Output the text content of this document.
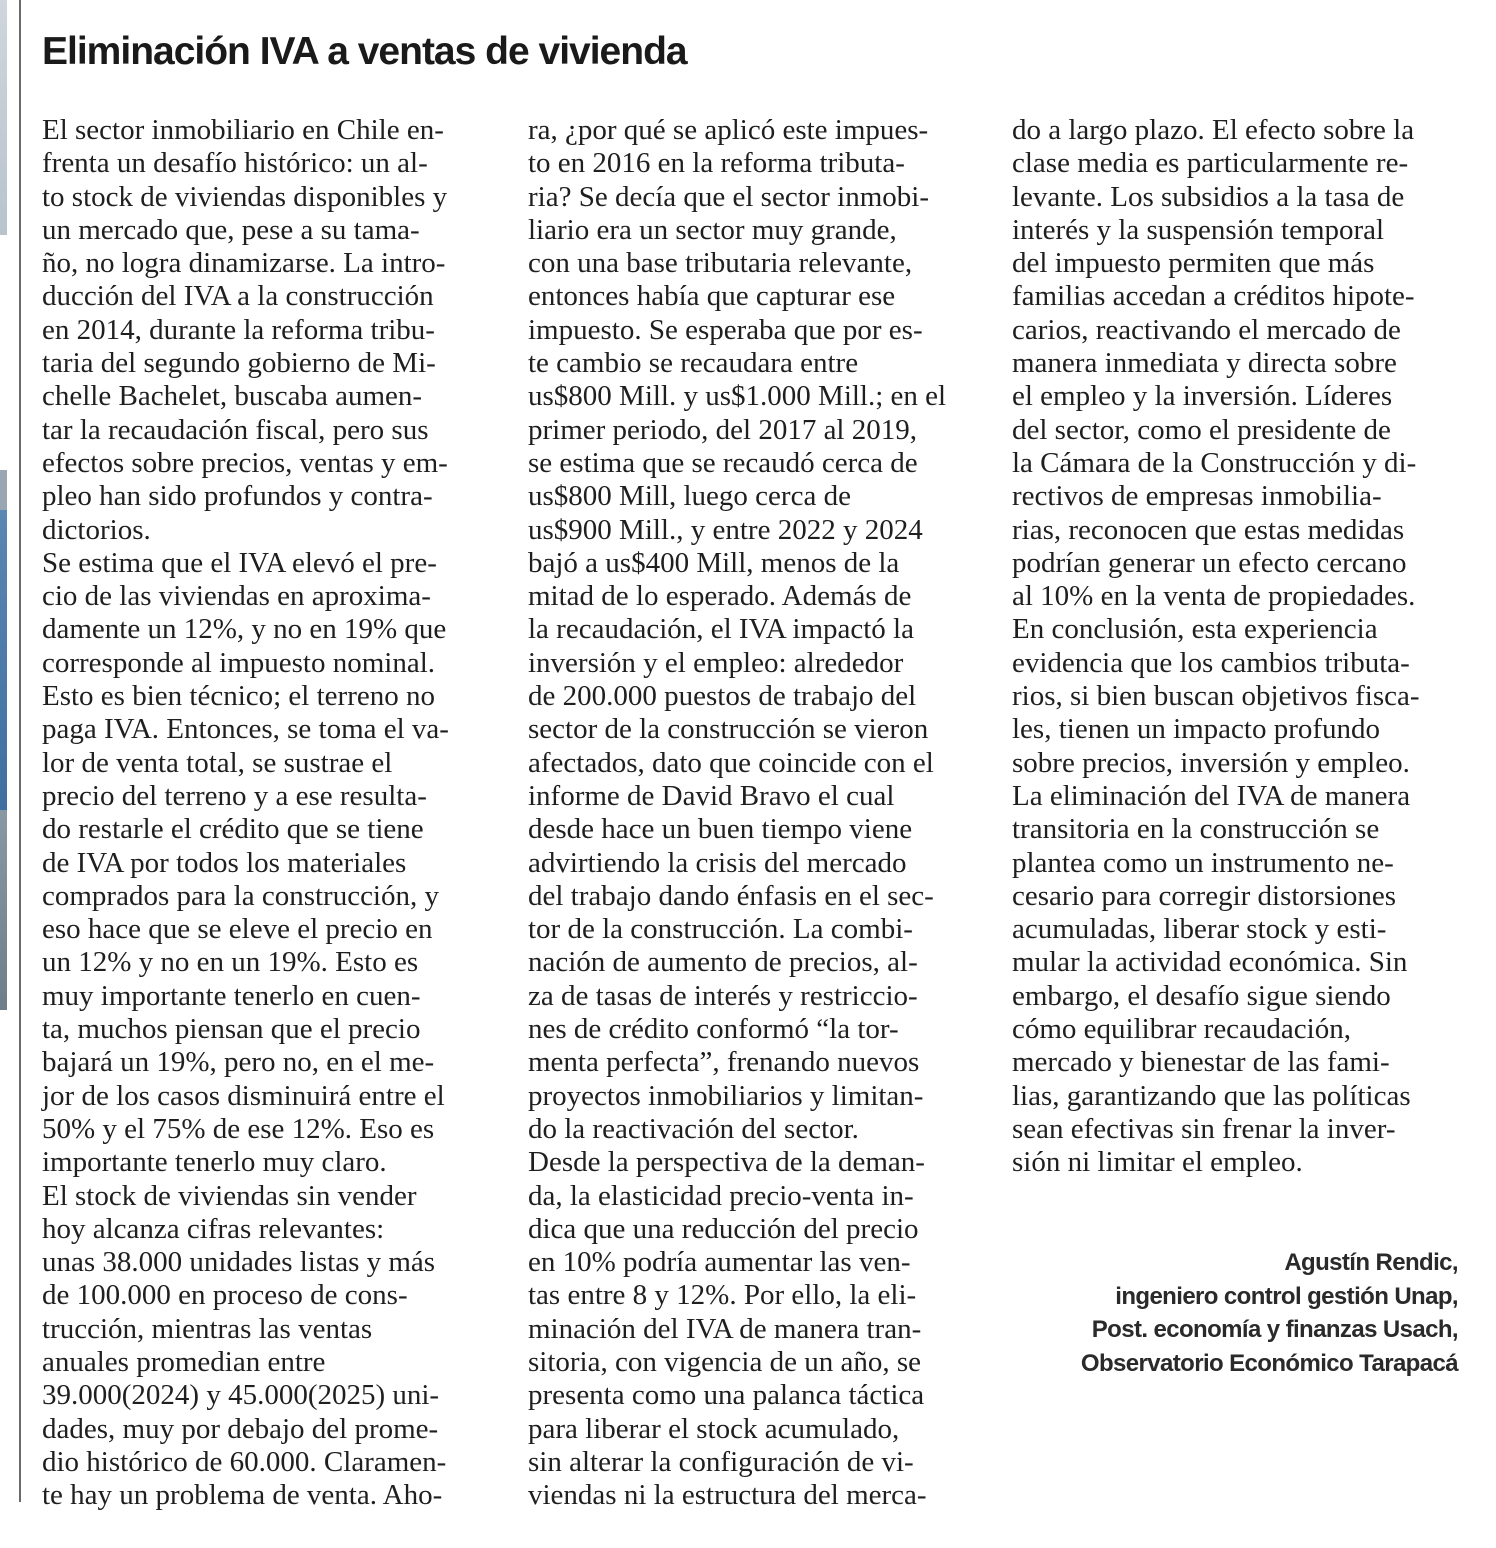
Eliminación IVA a ventas de vivienda
El sector inmobiliario en Chile en-
frenta un desafío histórico: un al-
to stock de viviendas disponibles y
un mercado que, pese a su tama-
ño, no logra dinamizarse. La intro-
ducción del IVA a la construcción
en 2014, durante la reforma tribu-
taria del segundo gobierno de Mi-
chelle Bachelet, buscaba aumen-
tar la recaudación fiscal, pero sus
efectos sobre precios, ventas y em-
pleo han sido profundos y contra-
dictorios.
Se estima que el IVA elevó el pre-
cio de las viviendas en aproxima-
damente un 12%, y no en 19% que
corresponde al impuesto nominal.
Esto es bien técnico; el terreno no
paga IVA. Entonces, se toma el va-
lor de venta total, se sustrae el
precio del terreno y a ese resulta-
do restarle el crédito que se tiene
de IVA por todos los materiales
comprados para la construcción, y
eso hace que se eleve el precio en
un 12% y no en un 19%. Esto es
muy importante tenerlo en cuen-
ta, muchos piensan que el precio
bajará un 19%, pero no, en el me-
jor de los casos disminuirá entre el
50% y el 75% de ese 12%. Eso es
importante tenerlo muy claro.
El stock de viviendas sin vender
hoy alcanza cifras relevantes:
unas 38.000 unidades listas y más
de 100.000 en proceso de cons-
trucción, mientras las ventas
anuales promedian entre
39.000(2024) y 45.000(2025) uni-
dades, muy por debajo del prome-
dio histórico de 60.000. Claramen-
te hay un problema de venta. Aho-
ra, ¿por qué se aplicó este impues-
to en 2016 en la reforma tributa-
ria? Se decía que el sector inmobi-
liario era un sector muy grande,
con una base tributaria relevante,
entonces había que capturar ese
impuesto. Se esperaba que por es-
te cambio se recaudara entre
us$800 Mill. y us$1.000 Mill.; en el
primer periodo, del 2017 al 2019,
se estima que se recaudó cerca de
us$800 Mill, luego cerca de
us$900 Mill., y entre 2022 y 2024
bajó a us$400 Mill, menos de la
mitad de lo esperado. Además de
la recaudación, el IVA impactó la
inversión y el empleo: alrededor
de 200.000 puestos de trabajo del
sector de la construcción se vieron
afectados, dato que coincide con el
informe de David Bravo el cual
desde hace un buen tiempo viene
advirtiendo la crisis del mercado
del trabajo dando énfasis en el sec-
tor de la construcción. La combi-
nación de aumento de precios, al-
za de tasas de interés y restriccio-
nes de crédito conformó “la tor-
menta perfecta”, frenando nuevos
proyectos inmobiliarios y limitan-
do la reactivación del sector.
Desde la perspectiva de la deman-
da, la elasticidad precio-venta in-
dica que una reducción del precio
en 10% podría aumentar las ven-
tas entre 8 y 12%. Por ello, la eli-
minación del IVA de manera tran-
sitoria, con vigencia de un año, se
presenta como una palanca táctica
para liberar el stock acumulado,
sin alterar la configuración de vi-
viendas ni la estructura del merca-
do a largo plazo. El efecto sobre la
clase media es particularmente re-
levante. Los subsidios a la tasa de
interés y la suspensión temporal
del impuesto permiten que más
familias accedan a créditos hipote-
carios, reactivando el mercado de
manera inmediata y directa sobre
el empleo y la inversión. Líderes
del sector, como el presidente de
la Cámara de la Construcción y di-
rectivos de empresas inmobilia-
rias, reconocen que estas medidas
podrían generar un efecto cercano
al 10% en la venta de propiedades.
En conclusión, esta experiencia
evidencia que los cambios tributa-
rios, si bien buscan objetivos fisca-
les, tienen un impacto profundo
sobre precios, inversión y empleo.
La eliminación del IVA de manera
transitoria en la construcción se
plantea como un instrumento ne-
cesario para corregir distorsiones
acumuladas, liberar stock y esti-
mular la actividad económica. Sin
embargo, el desafío sigue siendo
cómo equilibrar recaudación,
mercado y bienestar de las fami-
lias, garantizando que las políticas
sean efectivas sin frenar la inver-
sión ni limitar el empleo.
Agustín Rendic,
ingeniero control gestión Unap,
Post. economía y finanzas Usach,
Observatorio Económico Tarapacá
